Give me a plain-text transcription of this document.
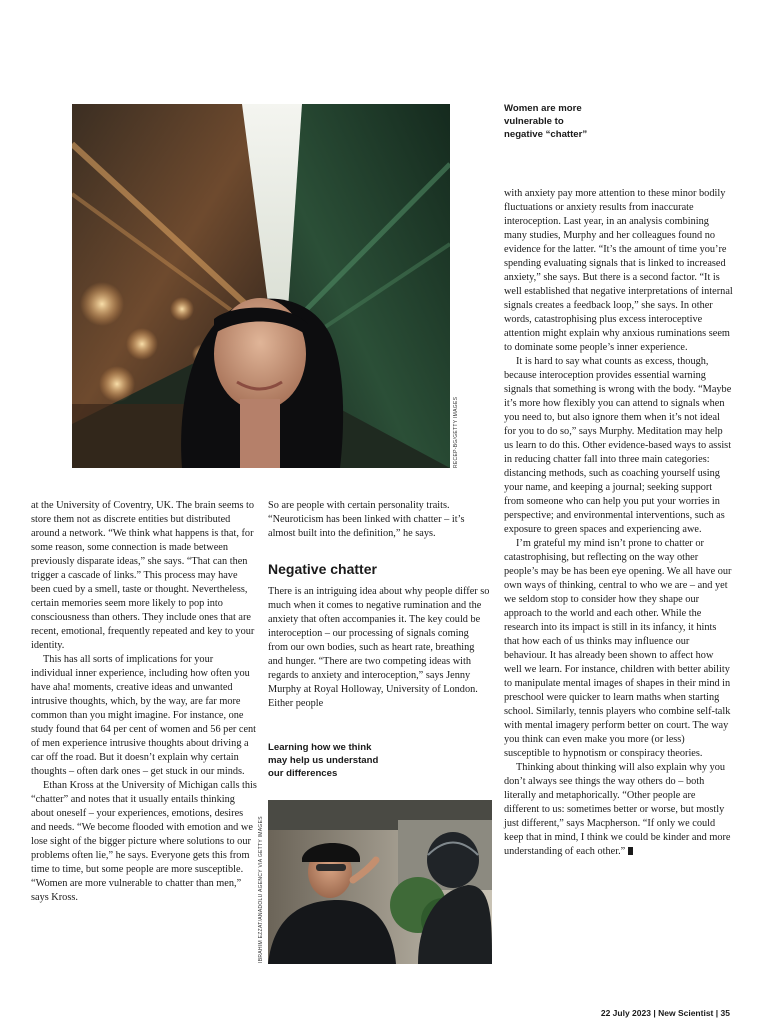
RECEP-BG/GETTY IMAGES
Women are more vulnerable to negative “chatter”

at the University of Coventry, UK. The brain seems to store them not as discrete entities but distributed around a network. “We think what happens is that, for some reason, some connection is made between previously disparate ideas,” she says. “That can then trigger a cascade of links.” This process may have been cued by a smell, taste or thought. Nevertheless, certain memories seem more likely to pop into consciousness than others. They include ones that are recent, emotional, frequently repeated and key to your identity.

This has all sorts of implications for your individual inner experience, including how often you have aha! moments, creative ideas and unwanted intrusive thoughts, which, by the way, are far more common than you might imagine. For instance, one study found that 64 per cent of women and 56 per cent of men experience intrusive thoughts about driving a car off the road. But it doesn’t explain why certain thoughts – often dark ones – get stuck in our minds.

Ethan Kross at the University of Michigan calls this “chatter” and notes that it usually entails thinking about oneself – your experiences, emotions, desires and needs. “We become flooded with emotion and we lose sight of the bigger picture where solutions to our problems often lie,” he says. Everyone gets this from time to time, but some people are more susceptible. “Women are more vulnerable to chatter than men,” says Kross.

So are people with certain personality traits. “Neuroticism has been linked with chatter – it’s almost built into the definition,” he says.

Negative chatter

There is an intriguing idea about why people differ so much when it comes to negative rumination and the anxiety that often accompanies it. The key could be interoception – our processing of signals coming from our own bodies, such as heart rate, breathing and hunger. “There are two competing ideas with regards to anxiety and interoception,” says Jenny Murphy at Royal Holloway, University of London. Either people

Learning how we think may help us understand our differences
IBRAHIM EZZAT/ANADOLU AGENCY VIA GETTY IMAGES

with anxiety pay more attention to these minor bodily fluctuations or anxiety results from inaccurate interoception. Last year, in an analysis combining many studies, Murphy and her colleagues found no evidence for the latter. “It’s the amount of time you’re spending evaluating signals that is linked to increased anxiety,” she says. But there is a second factor. “It is well established that negative interpretations of internal signals creates a feedback loop,” she says. In other words, catastrophising plus excess interoceptive attention might explain why anxious ruminations seem to dominate some people’s inner experience.

It is hard to say what counts as excess, though, because interoception provides essential warning signals that something is wrong with the body. “Maybe it’s more how flexibly you can attend to signals when you need to, but also ignore them when it’s not ideal for you to do so,” says Murphy. Meditation may help us learn to do this. Other evidence-based ways to assist in reducing chatter fall into three main categories: distancing methods, such as coaching yourself using your name, and keeping a journal; seeking support from someone who can help you put your worries in perspective; and environmental interventions, such as exposure to green spaces and experiencing awe.

I’m grateful my mind isn’t prone to chatter or catastrophising, but reflecting on the way other people’s may be has been eye opening. We all have our own ways of thinking, central to who we are – and yet we seldom stop to consider how they shape our approach to the world and each other. While the research into its impact is still in its infancy, it hints that how each of us thinks may influence our behaviour. It has already been shown to affect how well we learn. For instance, children with better ability to manipulate mental images of shapes in their mind in preschool were quicker to learn maths when starting school. Similarly, tennis players who combine self-talk with mental imagery perform better on court. The way you think can even make you more (or less) susceptible to hypnotism or conspiracy theories.

Thinking about thinking will also explain why you don’t always see things the way others do – both literally and metaphorically. “Other people are different to us: sometimes better or worse, but mostly just different,” says Macpherson. “If only we could keep that in mind, I think we could be kinder and more understanding of each other.”

22 July 2023 | New Scientist | 35
